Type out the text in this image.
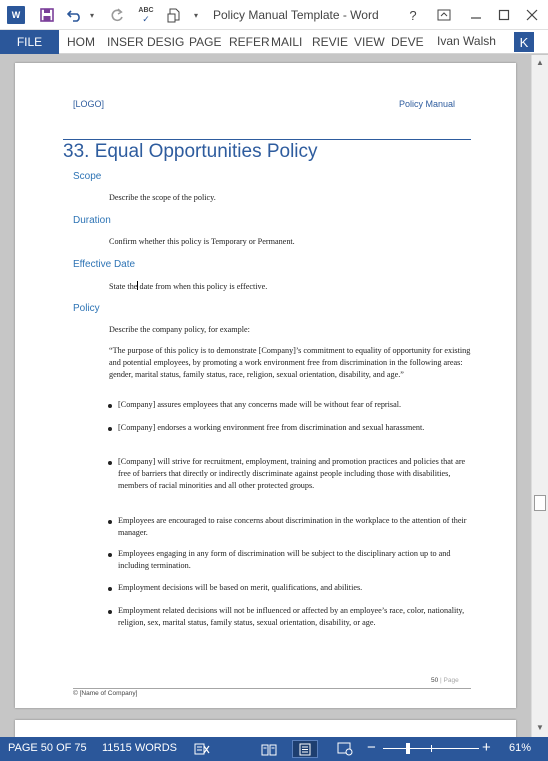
W	▾
ABC
✓	▾ Policy Manual Template - Word	?
FILE	HOM INSER DESIG PAGE REFER MAILI REVIE VIEW DEVE Ivan Walsh	K
[LOGO]	Policy Manual
33. Equal Opportunities Policy
Scope
Describe the scope of the policy.
Duration
Confirm whether this policy is Temporary or Permanent.
Effective Date
State the date from when this policy is effective.
Policy
Describe the company policy, for example:
“The purpose of this policy is to demonstrate [Company]’s commitment to equality of opportunity for existing and potential employees, by promoting a work environment free from discrimination in the following areas: gender, marital status, family status, race, religion, sexual orientation, disability, and age.”
[Company] assures employees that any concerns made will be without fear of reprisal.
[Company] endorses a working environment free from discrimination and sexual harassment.
[Company] will strive for recruitment, employment, training and promotion practices and policies that are free of barriers that directly or indirectly discriminate against people including those with disabilities, members of racial minorities and all other protected groups.
Employees are encouraged to raise concerns about discrimination in the workplace to the attention of their manager.
Employees engaging in any form of discrimination will be subject to the disciplinary action up to and including termination.
Employment decisions will be based on merit, qualifications, and abilities.
Employment related decisions will not be influenced or affected by an employee’s race, color, nationality, religion, sex, marital status, family status, sexual orientation, disability, or age.
50 | Page
© [Name of Company]
▲
▼
PAGE 50 OF 75 11515 WORDS	−	+ 61%
